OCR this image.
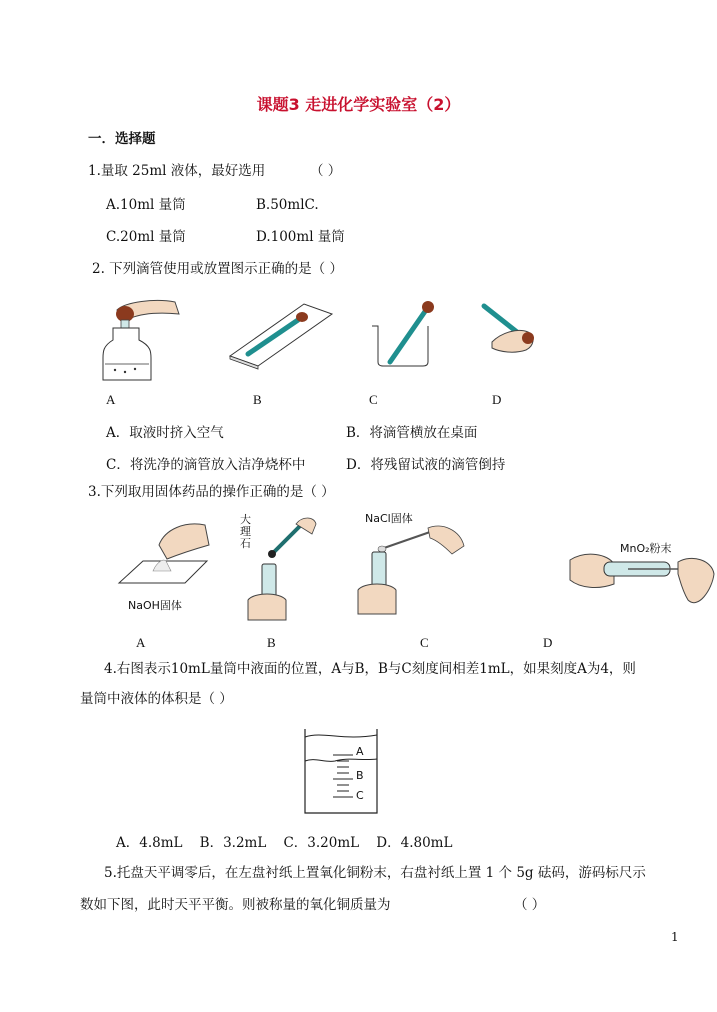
课题3 走进化学实验室（2）
一．选择题
1.量取 25ml 液体，最好选用	（ ）
A.10ml 量筒	B.50mlC.
C.20ml 量筒	D.100ml 量筒
2. 下列滴管使用或放置图示正确的是（ ）
A	B	C	D
A．取液时挤入空气	B．将滴管横放在桌面
C．将洗净的滴管放入洁净烧杯中	D．将残留试液的滴管倒持
3.下列取用固体药品的操作正确的是（ ）
NaOH固体
大理石
NaCl固体
MnO₂粉末
A	B	C	D
4.右图表示10mL量筒中液面的位置，A与B，B与C刻度间相差1mL，如果刻度A为4，则
量筒中液体的体积是（ ）
A
B
C
A．4.8mL    B．3.2mL    C．3.20mL    D．4.80mL
5.托盘天平调零后，在左盘衬纸上置氧化铜粉末，右盘衬纸上置 1 个 5g 砝码，游码标尺示
数如下图，此时天平平衡。则被称量的氧化铜质量为	（ ）
1
